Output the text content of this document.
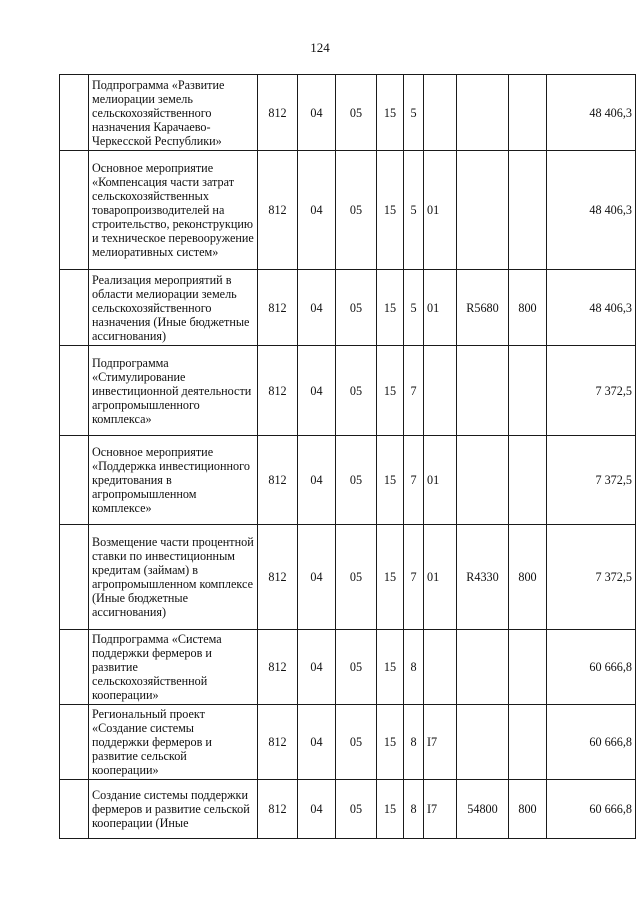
124

	Подпрограмма «Развитие мелиорации земель сельскохозяйственного назначения Карачаево-Черкесской Республики»	812	04	05	15	5				48 406,3

	Основное мероприятие «Компенсация части затрат сельскохозяйственных товаропроизводителей на строительство, реконструкцию и техническое перевооружение мелиоративных систем»	812	04	05	15	5	01			48 406,3

	Реализация мероприятий в области мелиорации земель сельскохозяйственного назначения (Иные бюджетные ассигнования)	812	04	05	15	5	01	R5680	800	48 406,3

	Подпрограмма «Стимулирование инвестиционной деятельности агропромышленного комплекса»	812	04	05	15	7				7 372,5

	Основное мероприятие «Поддержка инвестиционного кредитования в агропромышленном комплексе»	812	04	05	15	7	01			7 372,5

	Возмещение части процентной ставки по инвестиционным кредитам (займам) в агропромышленном комплексе (Иные бюджетные ассигнования)	812	04	05	15	7	01	R4330	800	7 372,5

	Подпрограмма «Система поддержки фермеров и развитие сельскохозяйственной кооперации»	812	04	05	15	8				60 666,8

	Региональный проект «Создание системы поддержки фермеров и развитие сельской кооперации»	812	04	05	15	8	I7			60 666,8

	Создание системы поддержки фермеров и развитие сельской кооперации (Иные	812	04	05	15	8	I7	54800	800	60 666,8
